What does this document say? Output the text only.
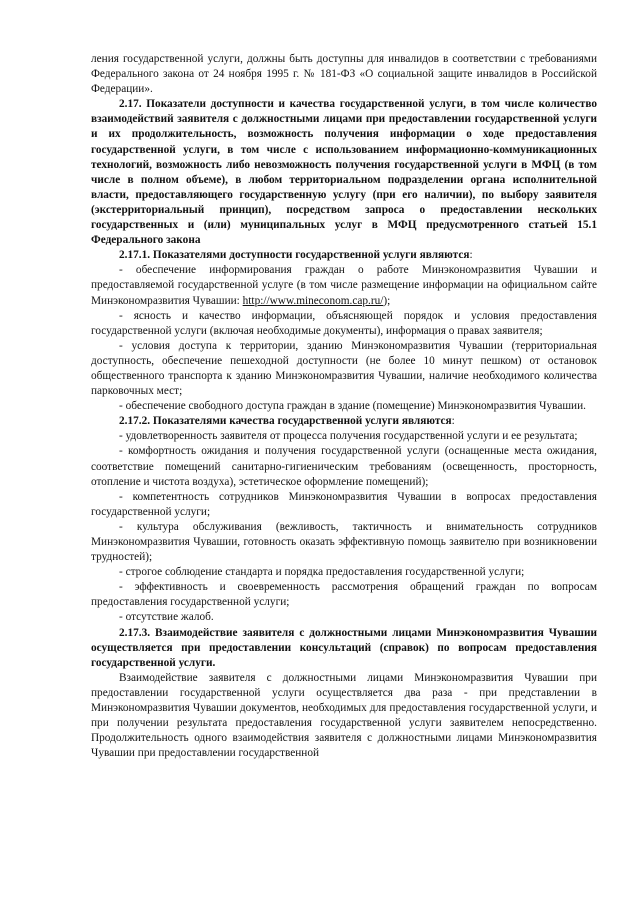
ления государственной услуги, должны быть доступны для инвалидов в соответствии с требованиями Федерального закона от 24 ноября 1995 г. № 181-ФЗ «О социальной защите инвалидов в Российской Федерации».

2.17. Показатели доступности и качества государственной услуги, в том числе количество взаимодействий заявителя с должностными лицами при предоставлении государственной услуги и их продолжительность, возможность получения информации о ходе предоставления государственной услуги, в том числе с использованием информационно-коммуникационных технологий, возможность либо невозможность получения государственной услуги в МФЦ (в том числе в полном объеме), в любом территориальном подразделении органа исполнительной власти, предоставляющего государственную услугу (при его наличии), по выбору заявителя (экстерриториальный принцип), посредством запроса о предоставлении нескольких государственных и (или) муниципальных услуг в МФЦ предусмотренного статьей 15.1 Федерального закона

2.17.1. Показателями доступности государственной услуги являются:

- обеспечение информирования граждан о работе Минэкономразвития Чувашии и предоставляемой государственной услуге (в том числе размещение информации на официальном сайте Минэкономразвития Чувашии: http://www.mineconom.cap.ru/);

- ясность и качество информации, объясняющей порядок и условия предоставления государственной услуги (включая необходимые документы), информация о правах заявителя;

- условия доступа к территории, зданию Минэкономразвития Чувашии (территориальная доступность, обеспечение пешеходной доступности (не более 10 минут пешком) от остановок общественного транспорта к зданию Минэкономразвития Чувашии, наличие необходимого количества парковочных мест;

- обеспечение свободного доступа граждан в здание (помещение) Минэкономразвития Чувашии.

2.17.2. Показателями качества государственной услуги являются:

- удовлетворенность заявителя от процесса получения государственной услуги и ее результата;

- комфортность ожидания и получения государственной услуги (оснащенные места ожидания, соответствие помещений санитарно-гигиеническим требованиям (освещенность, просторность, отопление и чистота воздуха), эстетическое оформление помещений);

- компетентность сотрудников Минэкономразвития Чувашии в вопросах предоставления государственной услуги;

- культура обслуживания (вежливость, тактичность и внимательность сотрудников Минэкономразвития Чувашии, готовность оказать эффективную помощь заявителю при возникновении трудностей);

- строгое соблюдение стандарта и порядка предоставления государственной услуги;

- эффективность и своевременность рассмотрения обращений граждан по вопросам предоставления государственной услуги;

- отсутствие жалоб.

2.17.3. Взаимодействие заявителя с должностными лицами Минэкономразвития Чувашии осуществляется при предоставлении консультаций (справок) по вопросам предоставления государственной услуги.

Взаимодействие заявителя с должностными лицами Минэкономразвития Чувашии при предоставлении государственной услуги осуществляется два раза - при представлении в Минэкономразвития Чувашии документов, необходимых для предоставления государственной услуги, и при получении результата предоставления государственной услуги заявителем непосредственно. Продолжительность одного взаимодействия заявителя с должностными лицами Минэкономразвития Чувашии при предоставлении государственной
